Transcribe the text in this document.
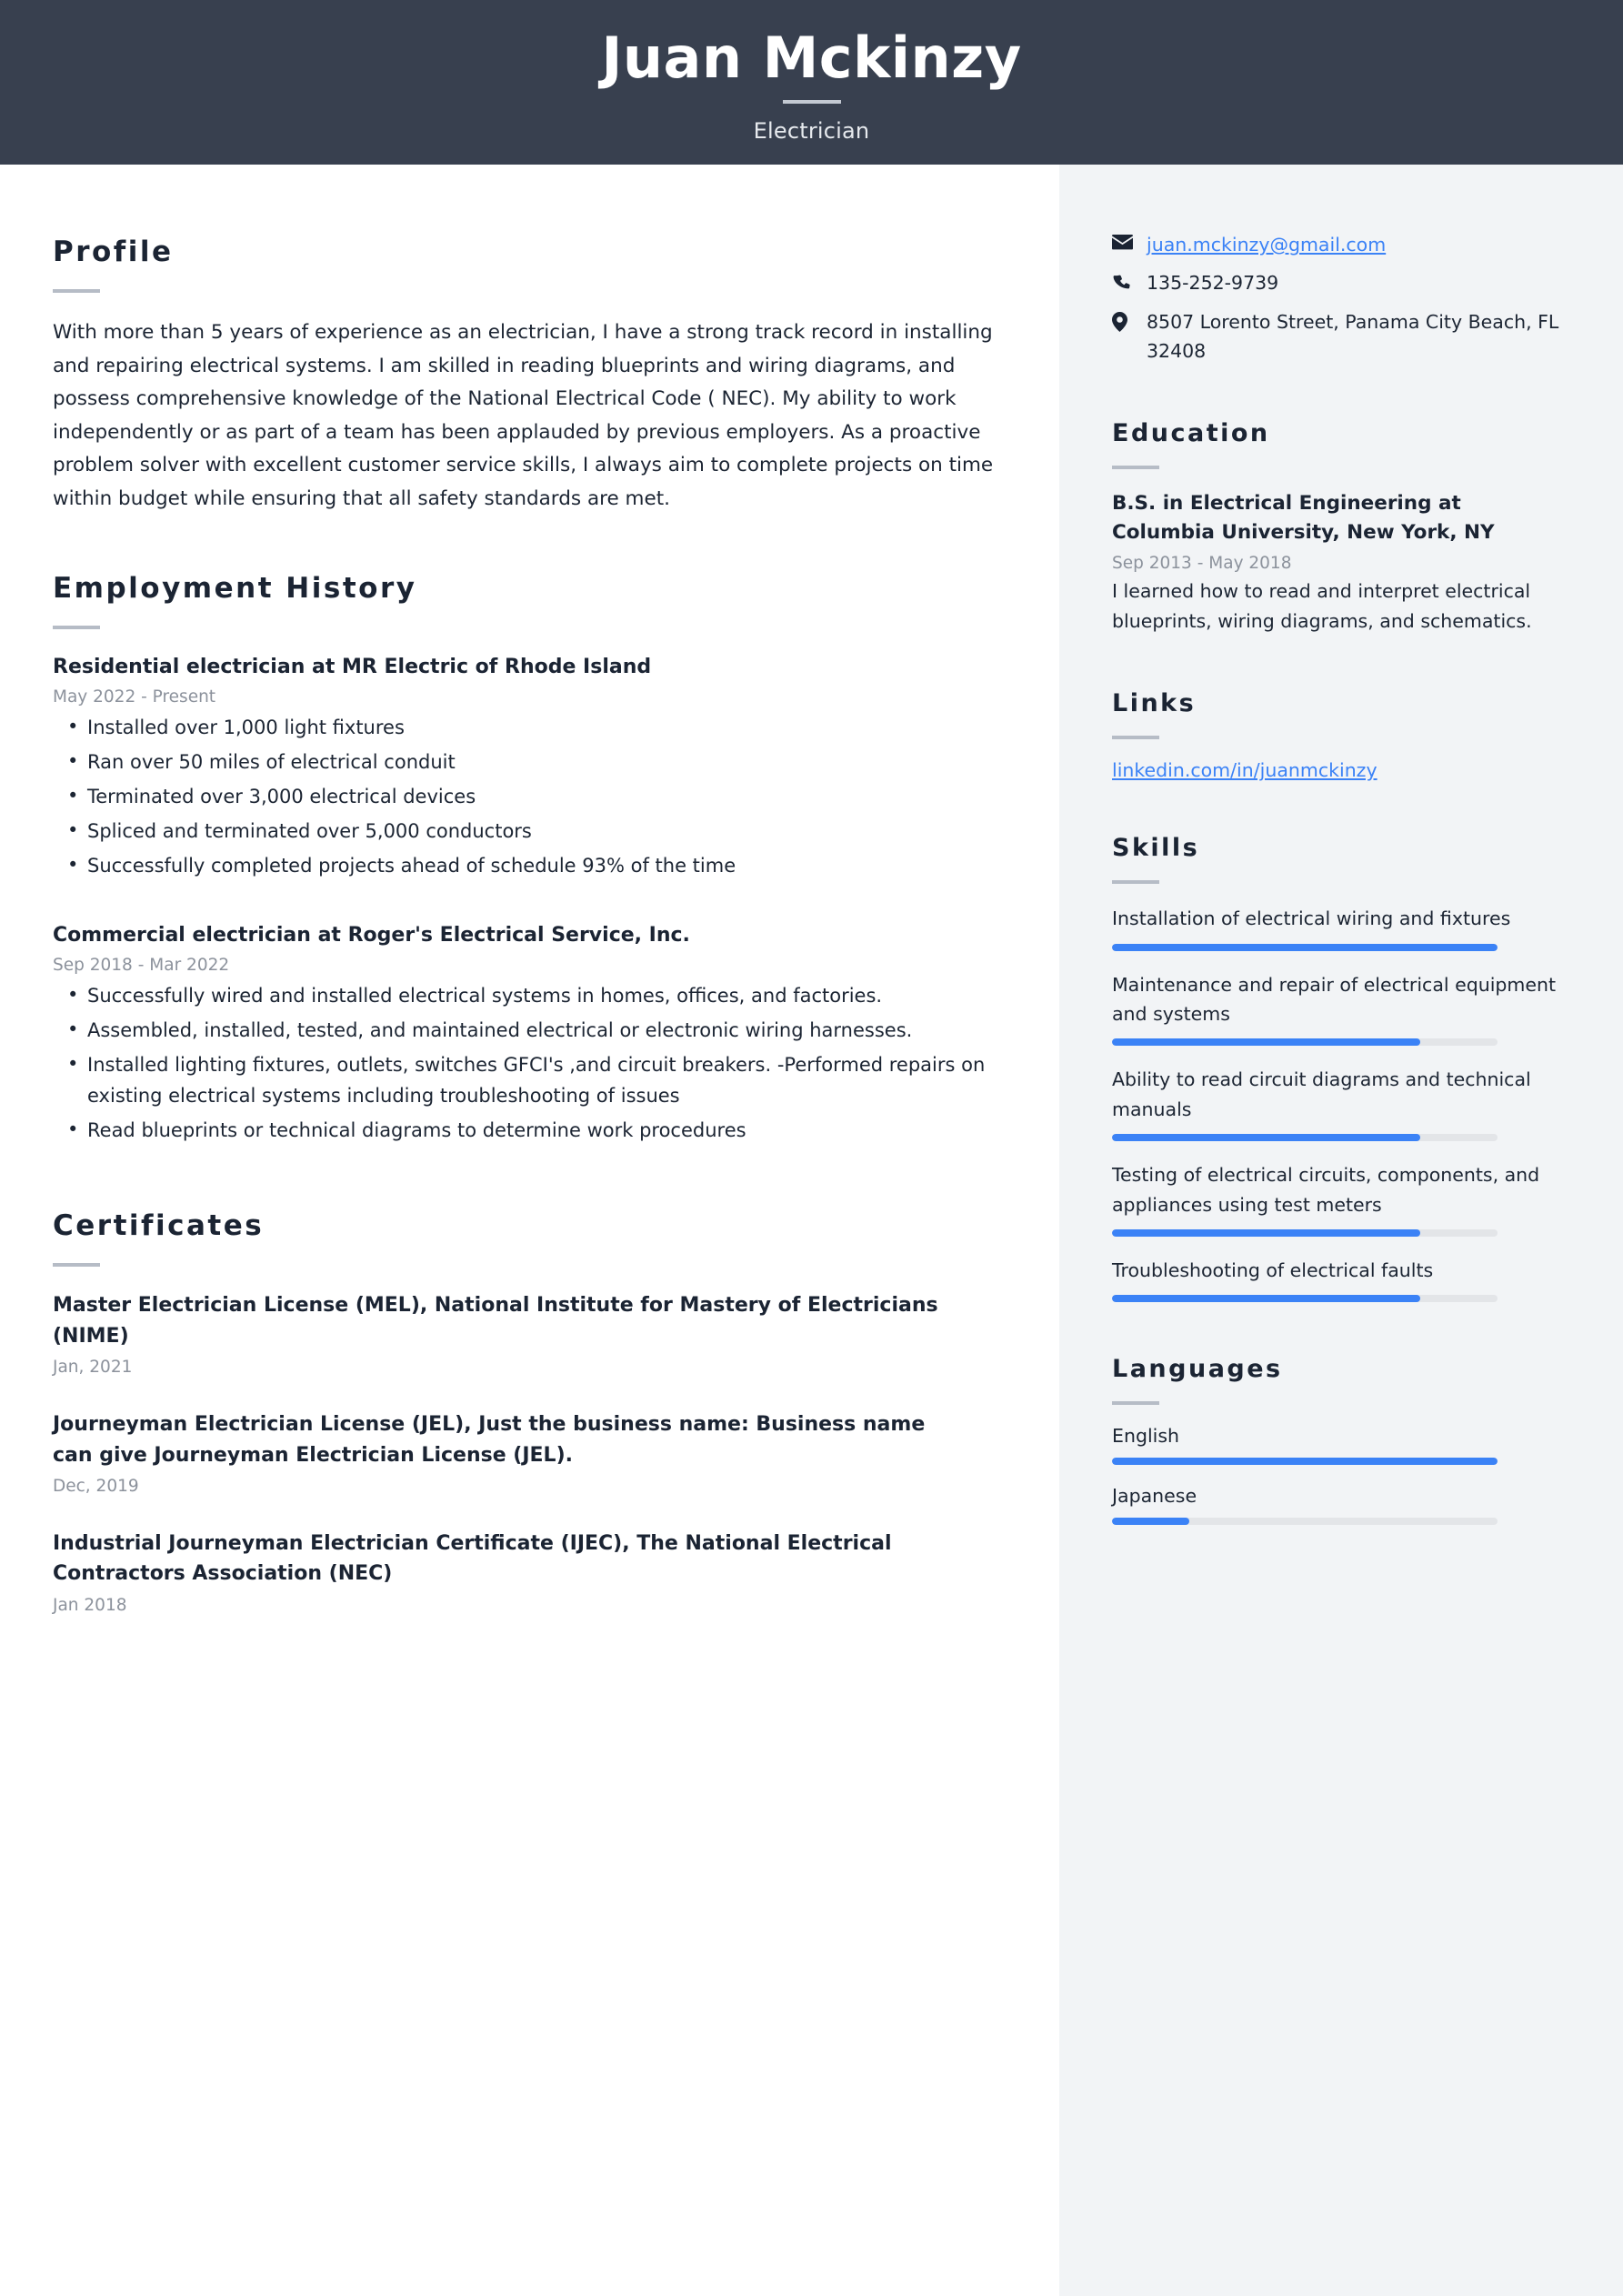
Juan Mckinzy
Electrician
Profile
With more than 5 years of experience as an electrician, I have a strong track record in installing and repairing electrical systems. I am skilled in reading blueprints and wiring diagrams, and possess comprehensive knowledge of the National Electrical Code ( NEC). My ability to work independently or as part of a team has been applauded by previous employers. As a proactive problem solver with excellent customer service skills, I always aim to complete projects on time within budget while ensuring that all safety standards are met.
Employment History
Residential electrician at MR Electric of Rhode Island
May 2022 - Present
• Installed over 1,000 light fixtures
• Ran over 50 miles of electrical conduit
• Terminated over 3,000 electrical devices
• Spliced and terminated over 5,000 conductors
• Successfully completed projects ahead of schedule 93% of the time
Commercial electrician at Roger's Electrical Service, Inc.
Sep 2018 - Mar 2022
• Successfully wired and installed electrical systems in homes, offices, and factories.
• Assembled, installed, tested, and maintained electrical or electronic wiring harnesses.
• Installed lighting fixtures, outlets, switches GFCI's ,and circuit breakers. -Performed repairs on existing electrical systems including troubleshooting of issues
• Read blueprints or technical diagrams to determine work procedures
Certificates
Master Electrician License (MEL), National Institute for Mastery of Electricians (NIME)
Jan, 2021
Journeyman Electrician License (JEL), Just the business name: Business name can give Journeyman Electrician License (JEL).
Dec, 2019
Industrial Journeyman Electrician Certificate (IJEC), The National Electrical Contractors Association (NEC)
Jan 2018
juan.mckinzy@gmail.com
135-252-9739
8507 Lorento Street, Panama City Beach, FL 32408
Education
B.S. in Electrical Engineering at Columbia University, New York, NY
Sep 2013 - May 2018
I learned how to read and interpret electrical blueprints, wiring diagrams, and schematics.
Links
linkedin.com/in/juanmckinzy
Skills
Installation of electrical wiring and fixtures
Maintenance and repair of electrical equipment and systems
Ability to read circuit diagrams and technical manuals
Testing of electrical circuits, components, and appliances using test meters
Troubleshooting of electrical faults
Languages
English
Japanese
